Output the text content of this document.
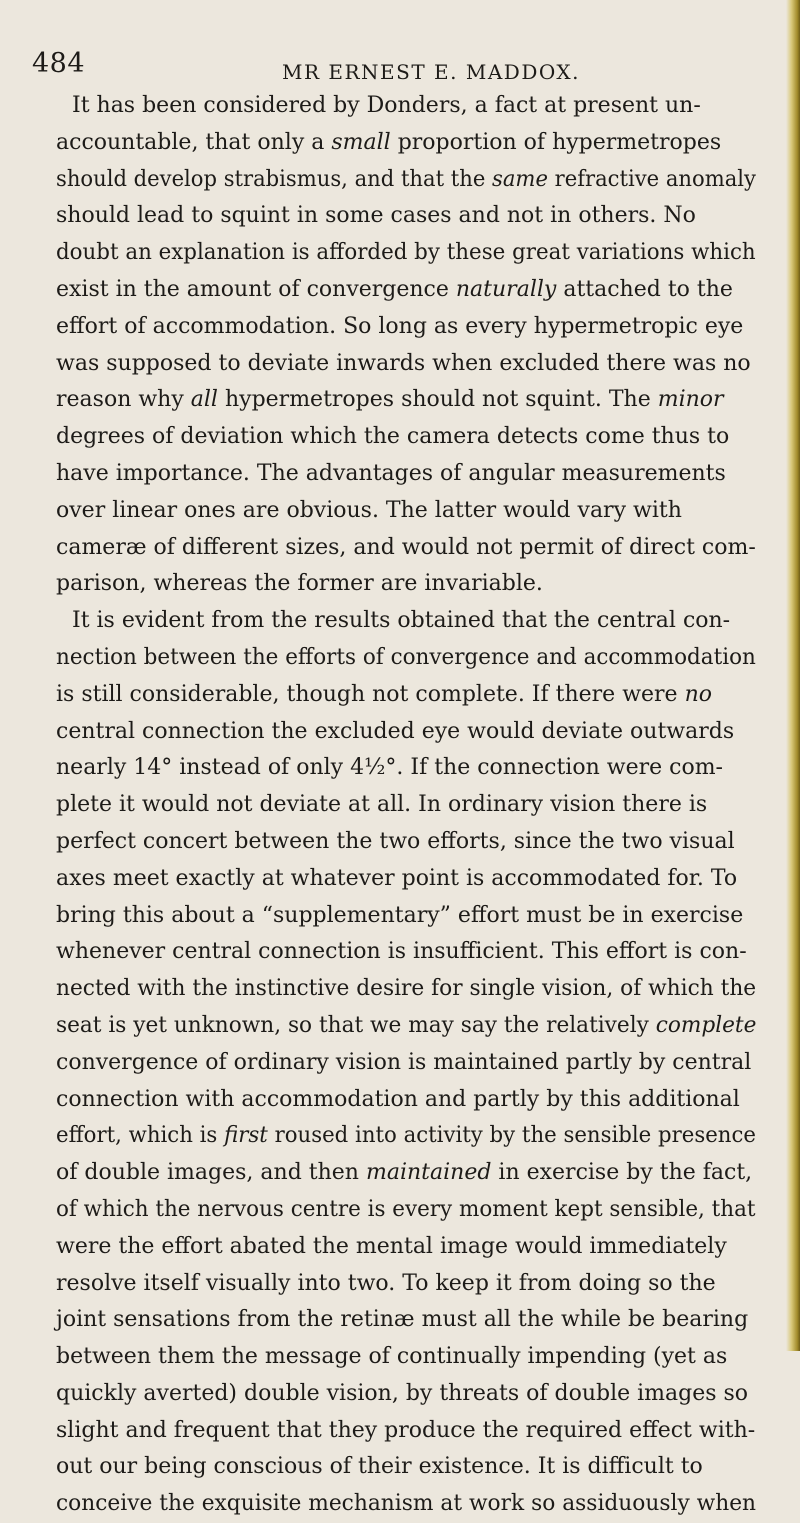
484	MR ERNEST E. MADDOX.
It has been considered by Donders, a fact at present un-
accountable, that only a small proportion of hypermetropes
should develop strabismus, and that the same refractive anomaly
should lead to squint in some cases and not in others. No
doubt an explanation is afforded by these great variations which
exist in the amount of convergence naturally attached to the
effort of accommodation. So long as every hypermetropic eye
was supposed to deviate inwards when excluded there was no
reason why all hypermetropes should not squint. The minor
degrees of deviation which the camera detects come thus to
have importance. The advantages of angular measurements
over linear ones are obvious. The latter would vary with
cameræ of different sizes, and would not permit of direct com-
parison, whereas the former are invariable.
It is evident from the results obtained that the central con-
nection between the efforts of convergence and accommodation
is still considerable, though not complete. If there were no
central connection the excluded eye would deviate outwards
nearly 14° instead of only 4½°. If the connection were com-
plete it would not deviate at all. In ordinary vision there is
perfect concert between the two efforts, since the two visual
axes meet exactly at whatever point is accommodated for. To
bring this about a “supplementary” effort must be in exercise
whenever central connection is insufficient. This effort is con-
nected with the instinctive desire for single vision, of which the
seat is yet unknown, so that we may say the relatively complete
convergence of ordinary vision is maintained partly by central
connection with accommodation and partly by this additional
effort, which is first roused into activity by the sensible presence
of double images, and then maintained in exercise by the fact,
of which the nervous centre is every moment kept sensible, that
were the effort abated the mental image would immediately
resolve itself visually into two. To keep it from doing so the
joint sensations from the retinæ must all the while be bearing
between them the message of continually impending (yet as
quickly averted) double vision, by threats of double images so
slight and frequent that they produce the required effect with-
out our being conscious of their existence. It is difficult to
conceive the exquisite mechanism at work so assiduously when
